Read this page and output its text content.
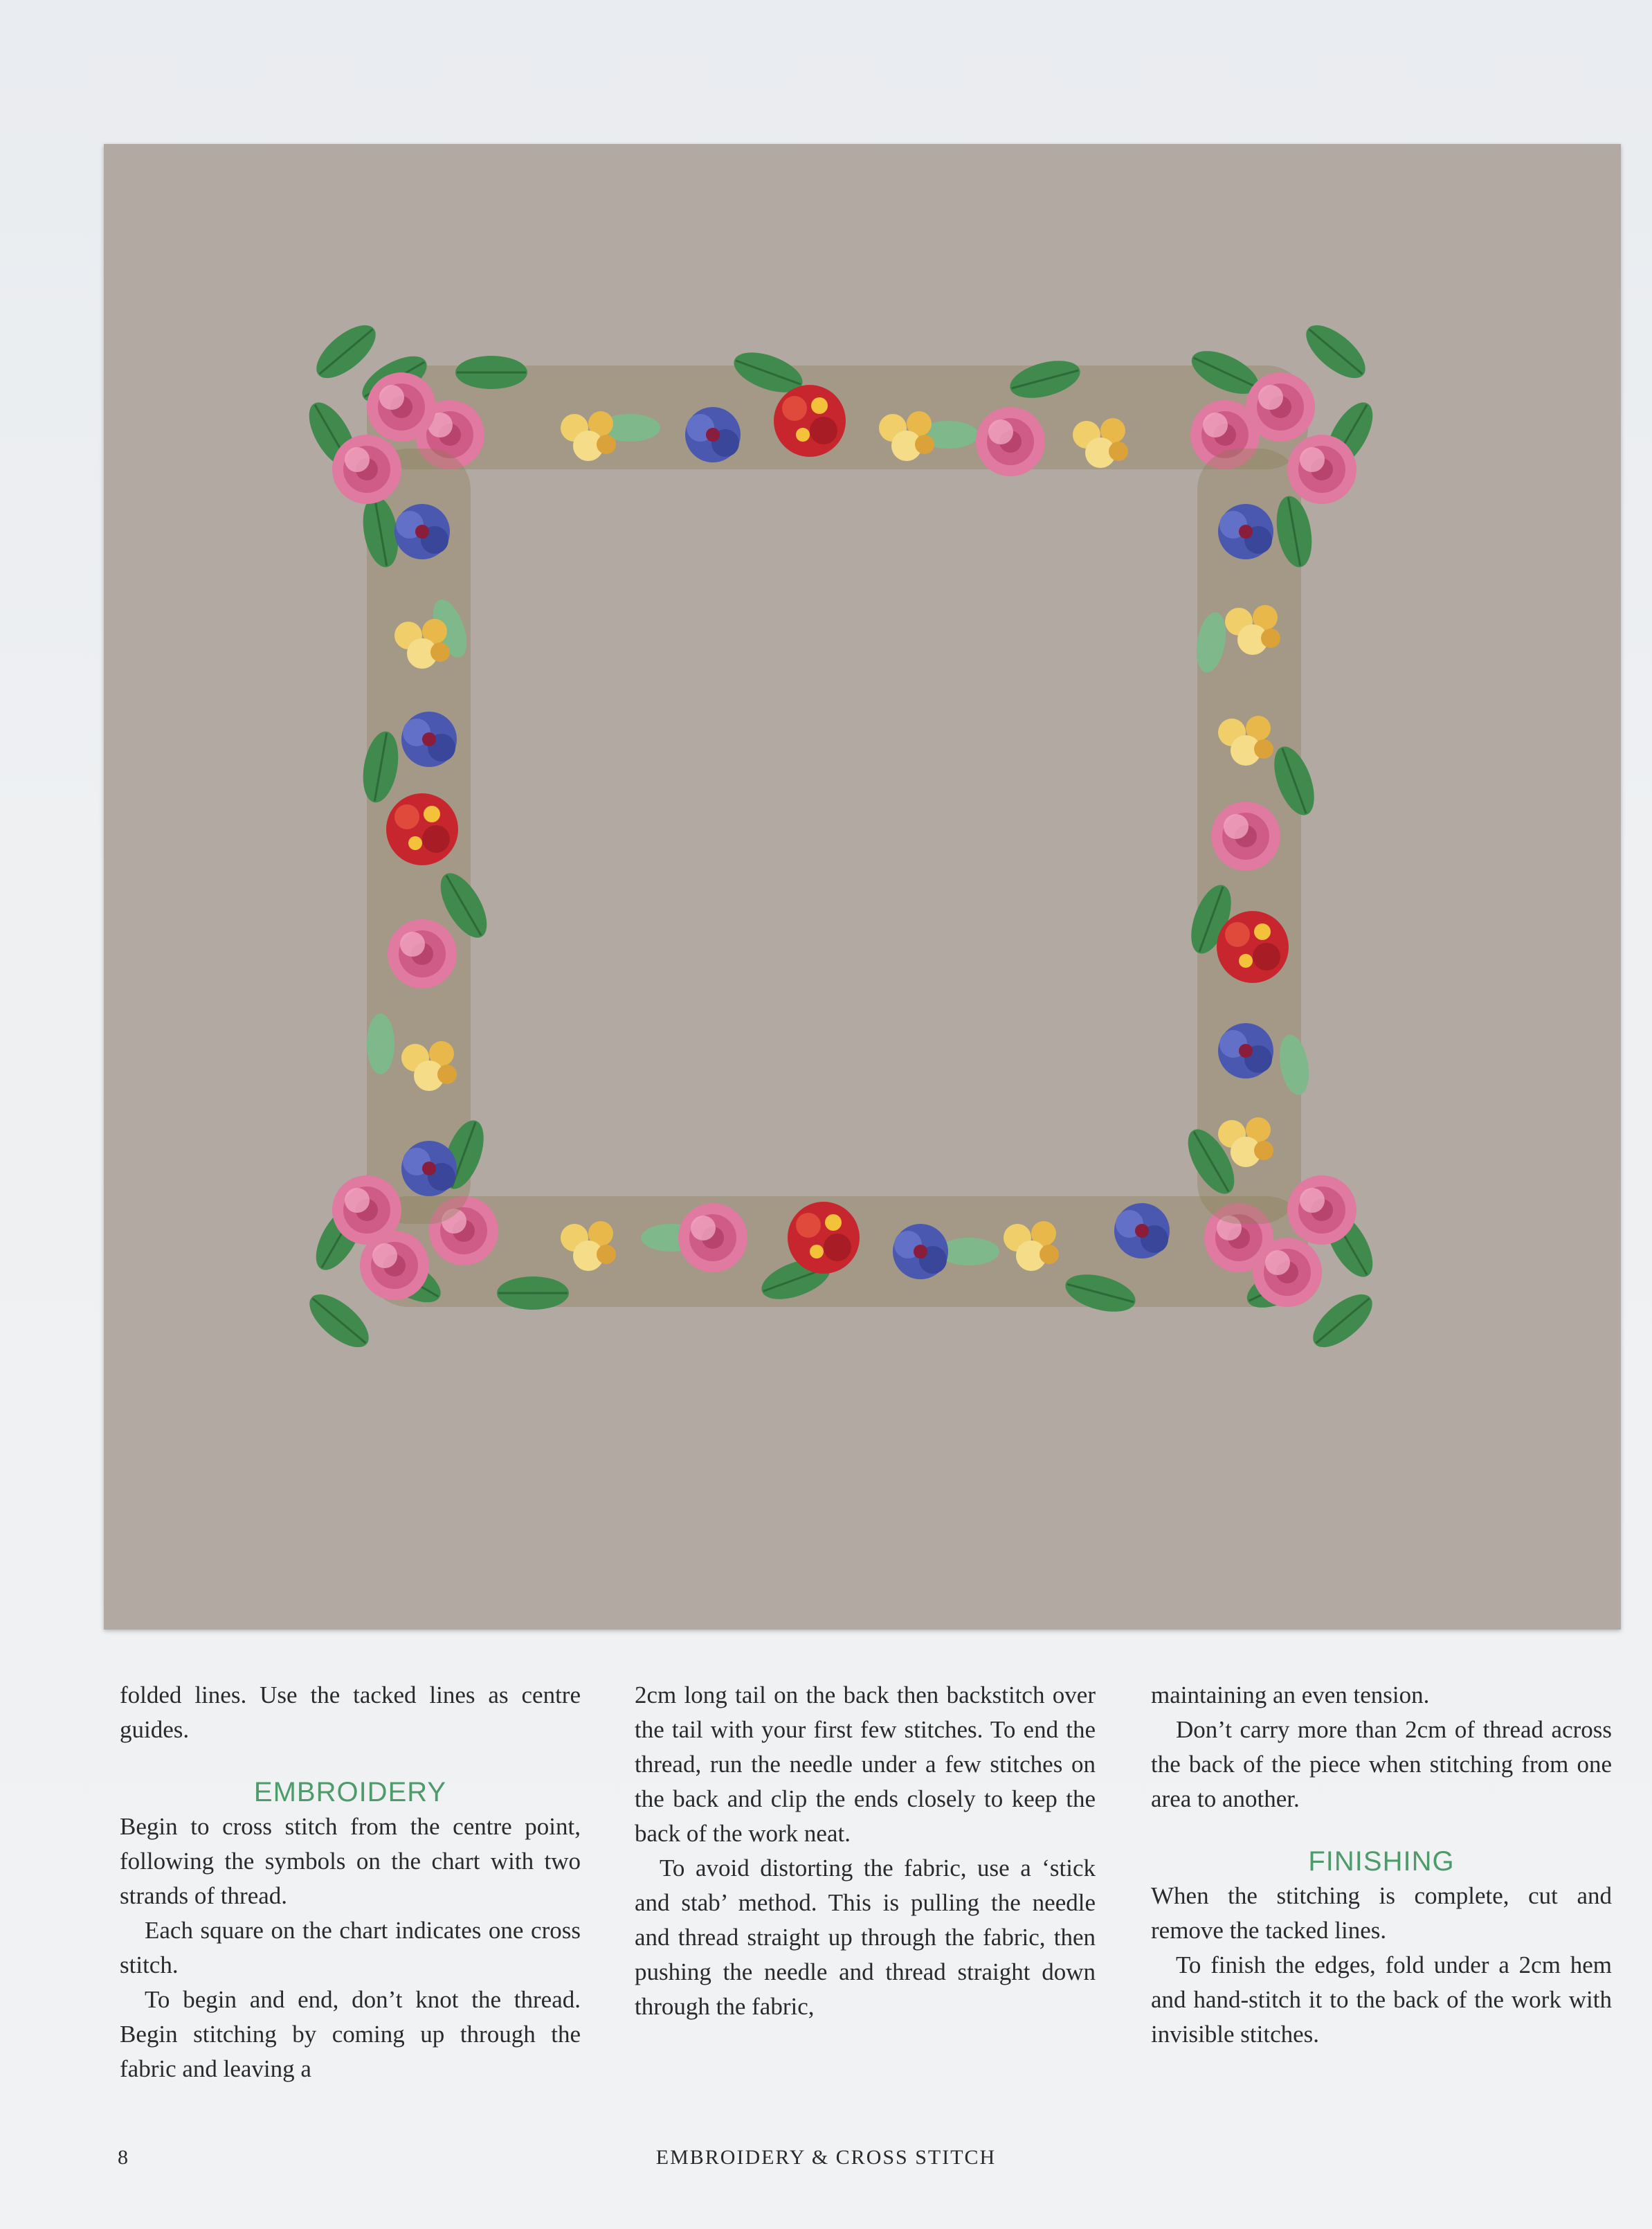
folded lines. Use the tacked lines as centre guides.

EMBROIDERY

Begin to cross stitch from the centre point, following the symbols on the chart with two strands of thread.

Each square on the chart indicates one cross stitch.

To begin and end, don’t knot the thread. Begin stitching by coming up through the fabric and leaving a

2cm long tail on the back then backstitch over the tail with your first few stitches. To end the thread, run the needle under a few stitches on the back and clip the ends closely to keep the back of the work neat.

To avoid distorting the fabric, use a ‘stick and stab’ method. This is pulling the needle and thread straight up through the fabric, then pushing the needle and thread straight down through the fabric,

maintaining an even tension.

Don’t carry more than 2cm of thread across the back of the piece when stitching from one area to another.

FINISHING

When the stitching is complete, cut and remove the tacked lines.

To finish the edges, fold under a 2cm hem and hand-stitch it to the back of the work with invisible stitches.

EMBROIDERY & CROSS STITCH
8
